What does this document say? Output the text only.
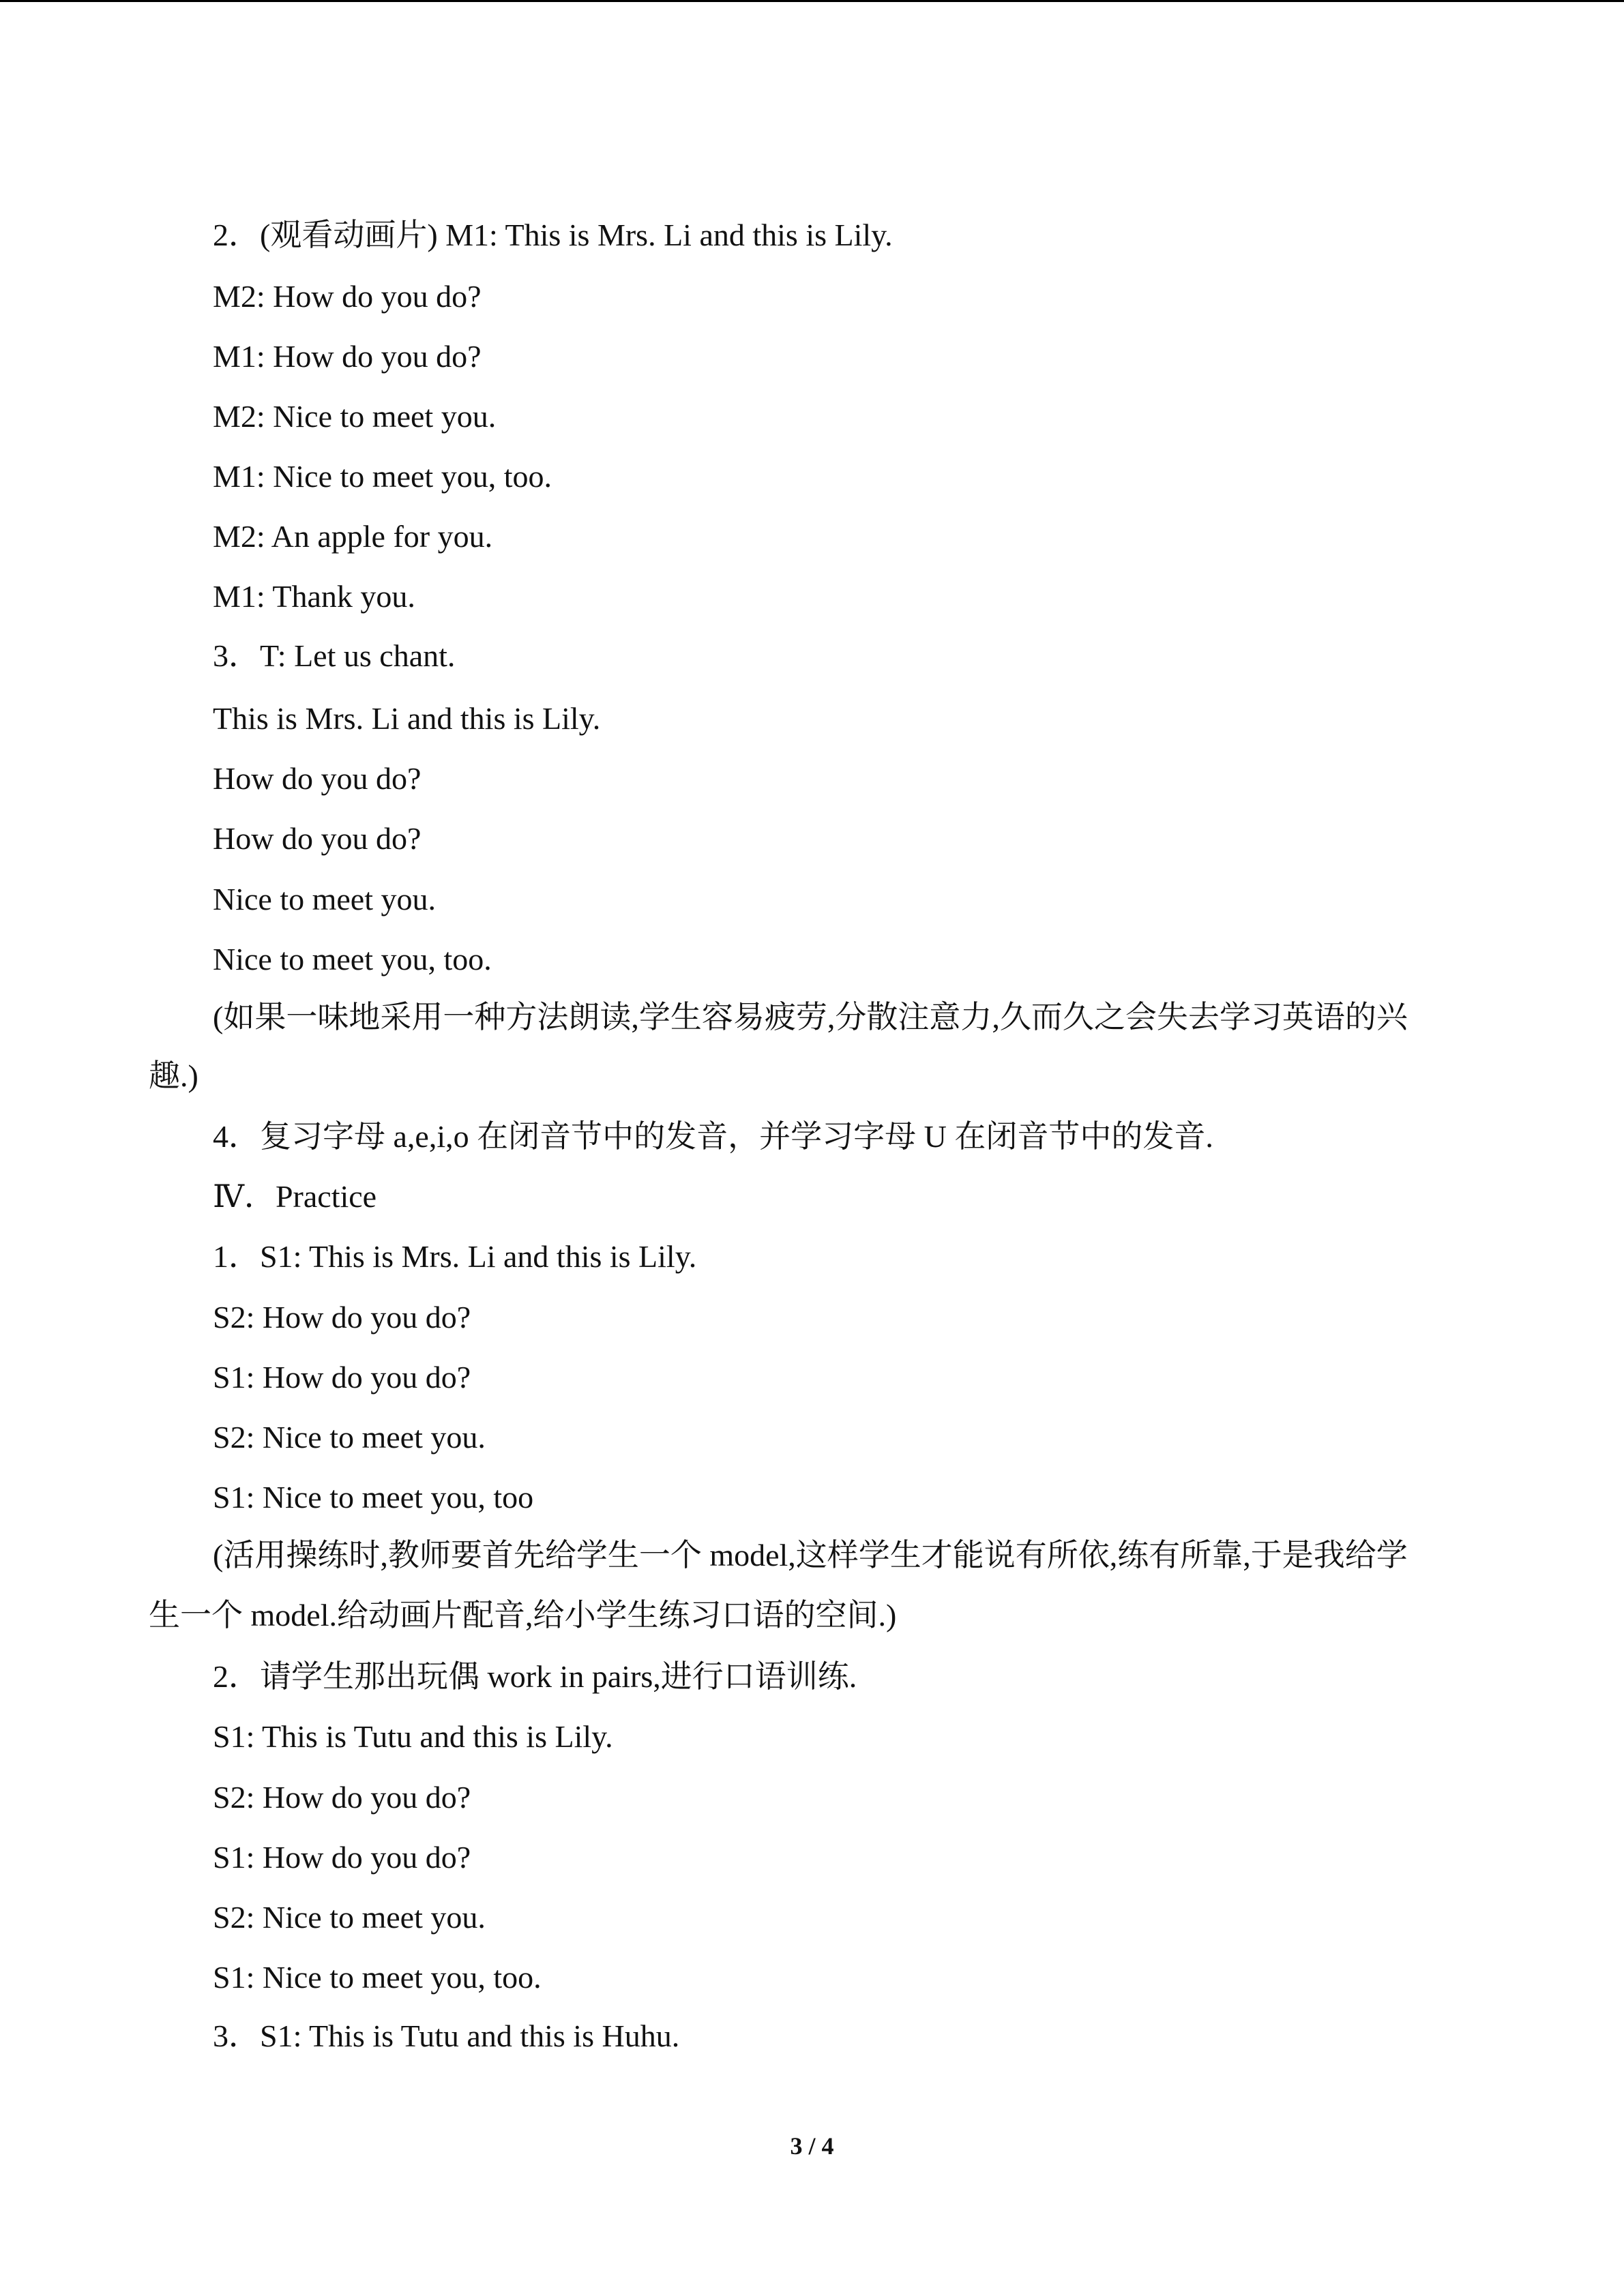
2．(观看动画片) M1: This is Mrs. Li and this is Lily.
M2: How do you do?
M1: How do you do?
M2: Nice to meet you.
M1: Nice to meet you, too.
M2: An apple for you.
M1: Thank you.
3．T: Let us chant.
This is Mrs. Li and this is Lily.
How do you do?
How do you do?
Nice to meet you.
Nice to meet you, too.
(如果一味地采用一种方法朗读,学生容易疲劳,分散注意力,久而久之会失去学习英语的兴
趣.)
4．复习字母 a,e,i,o 在闭音节中的发音，并学习字母 U 在闭音节中的发音.
Ⅳ．Practice
1．S1: This is Mrs. Li and this is Lily.
S2: How do you do?
S1: How do you do?
S2: Nice to meet you.
S1: Nice to meet you, too
(活用操练时,教师要首先给学生一个 model,这样学生才能说有所依,练有所靠,于是我给学
生一个 model.给动画片配音,给小学生练习口语的空间.)
2．请学生那出玩偶 work in pairs,进行口语训练.
S1: This is Tutu and this is Lily.
S2: How do you do?
S1: How do you do?
S2: Nice to meet you.
S1: Nice to meet you, too.
3．S1: This is Tutu and this is Huhu.
3 / 4
